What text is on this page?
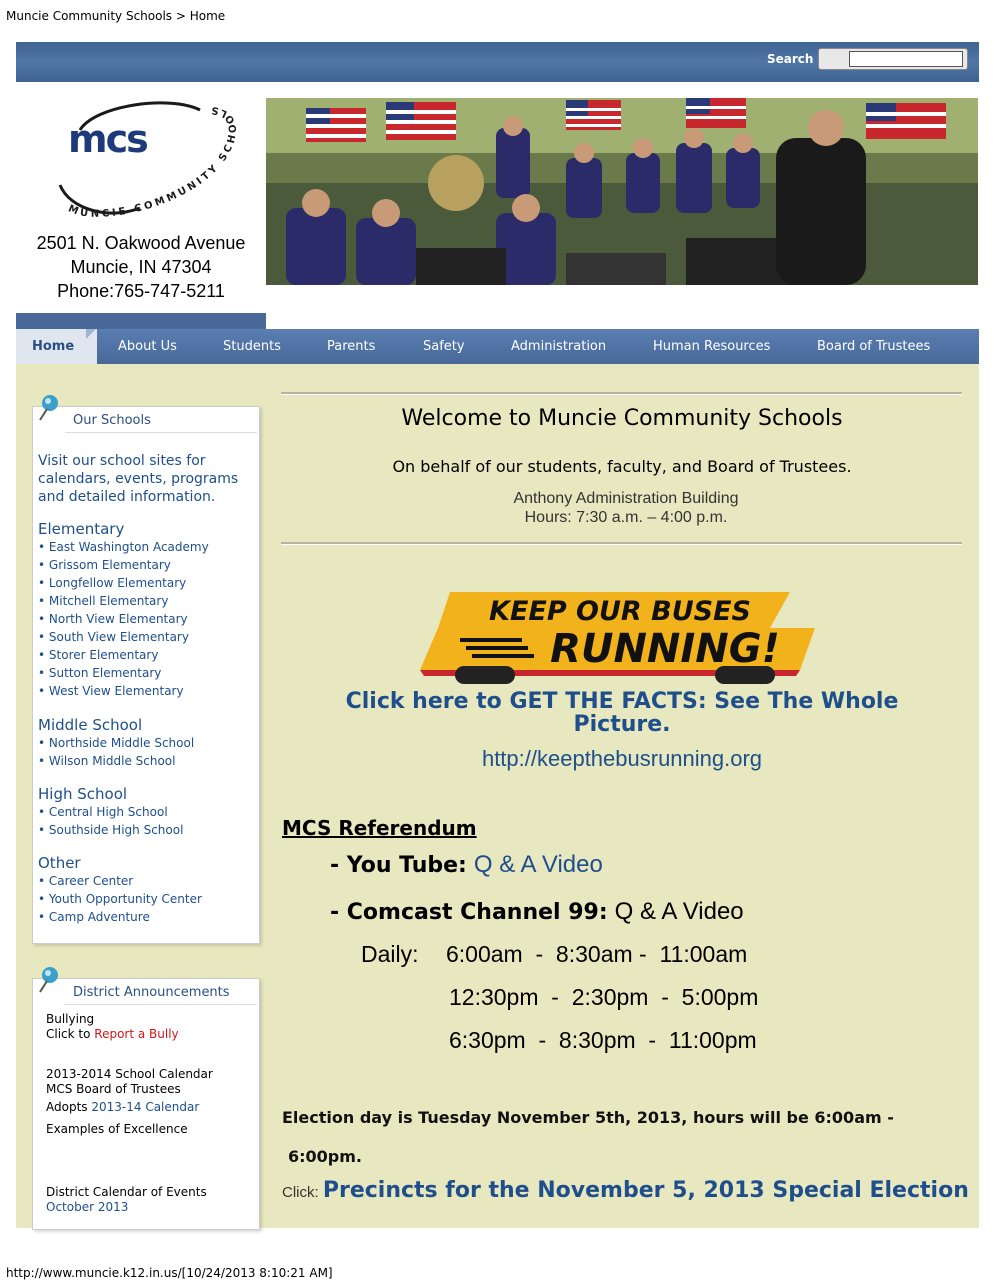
Muncie Community Schools > Home
http://www.muncie.k12.in.us/[10/24/2013 8:10:21 AM]
Search
mcs
MUNCIE COMMUNITY SCHOOLS
2501 N. Oakwood Avenue
Muncie, IN 47304
Phone:765-747-5211
Home	About Us	Students	Parents	Safety	Administration	Human Resources	Board of Trustees
Our Schools
Visit our school sites for calendars, events, programs and detailed information.
Elementary
• East Washington Academy
• Grissom Elementary
• Longfellow Elementary
• Mitchell Elementary
• North View Elementary
• South View Elementary
• Storer Elementary
• Sutton Elementary
• West View Elementary
Middle School
• Northside Middle School
• Wilson Middle School
High School
• Central High School
• Southside High School
Other
• Career Center
• Youth Opportunity Center
• Camp Adventure
District Announcements
Bullying
Click to Report a Bully
2013-2014 School Calendar
MCS Board of Trustees
Adopts 2013-14 Calendar
Examples of Excellence
District Calendar of Events
October 2013
Welcome to Muncie Community Schools
On behalf of our students, faculty, and Board of Trustees.
Anthony Administration Building
Hours: 7:30 a.m. – 4:00 p.m.
KEEP OUR BUSES
RUNNING!
Click here to GET THE FACTS: See The Whole Picture.
http://keepthebusrunning.org
MCS Referendum
- You Tube: Q & A Video
- Comcast Channel 99: Q & A Video
Daily: 6:00am  -  8:30am -  11:00am
12:30pm  -  2:30pm  -  5:00pm
6:30pm  -  8:30pm  -  11:00pm
Election day is Tuesday November 5th, 2013, hours will be 6:00am -
6:00pm.
Click: Precincts for the November 5, 2013 Special Election
